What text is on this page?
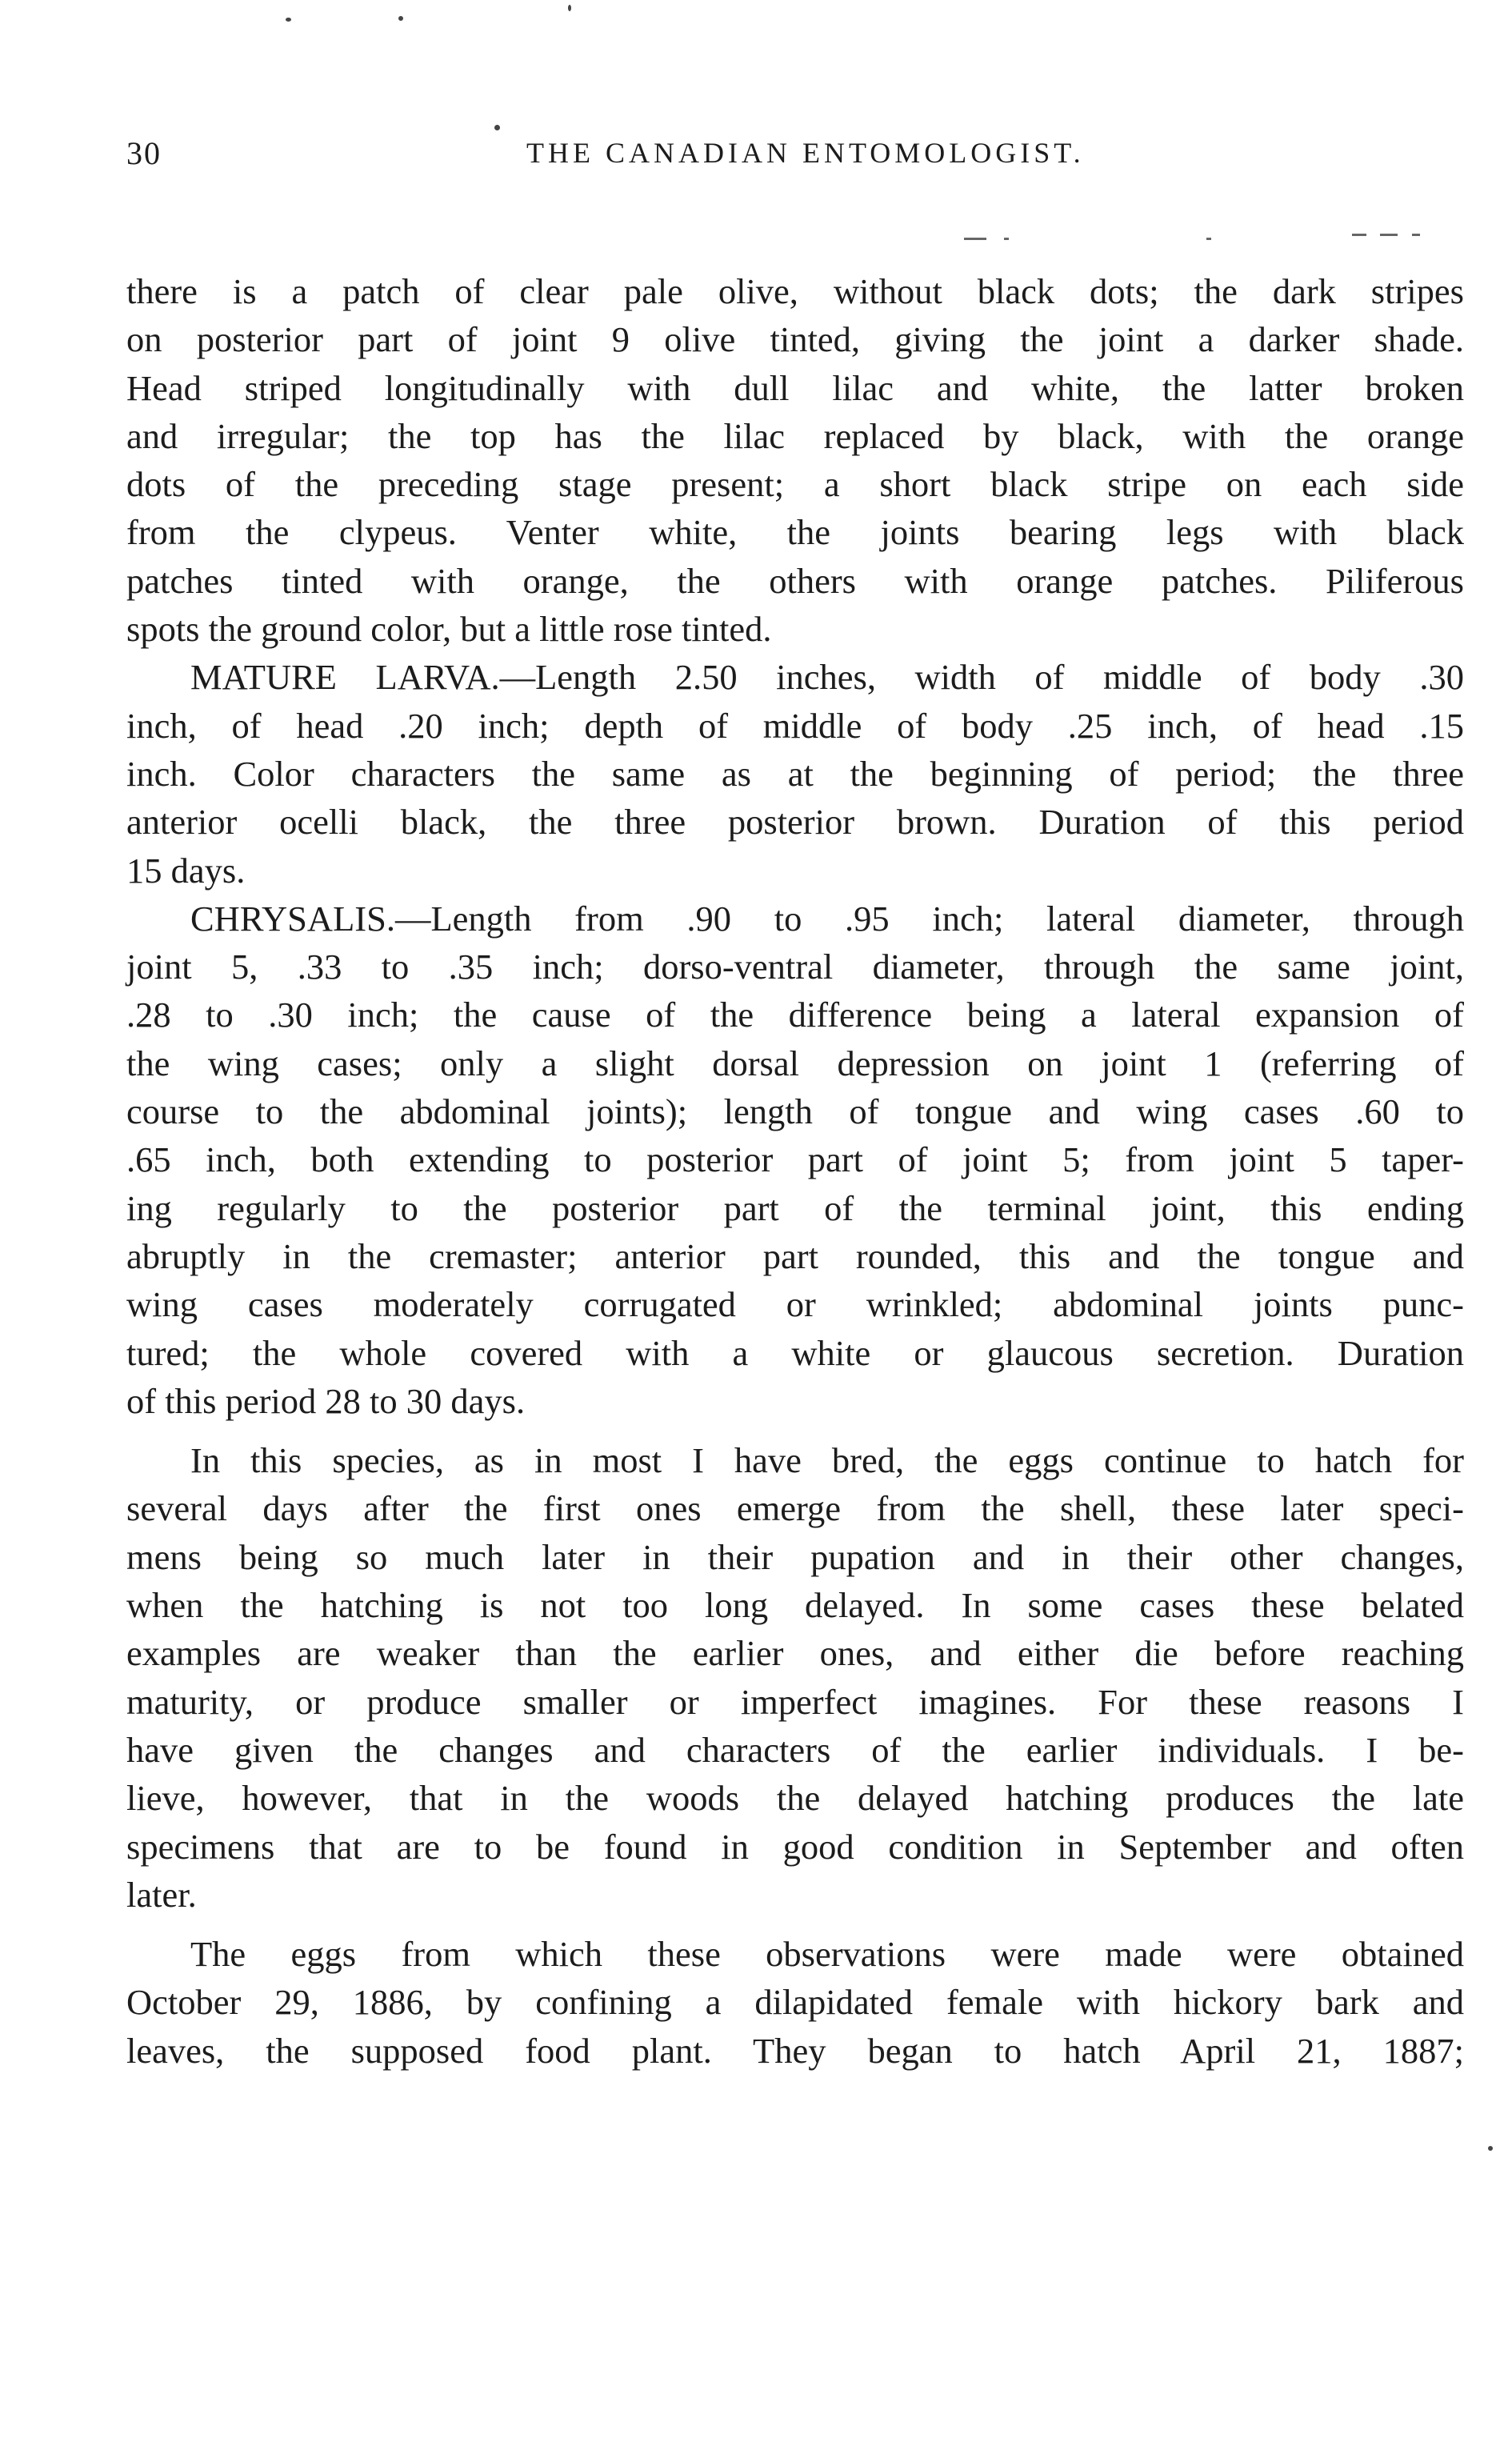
30	THE CANADIAN ENTOMOLOGIST.
there is a patch of clear pale olive, without black dots; the dark stripes
on posterior part of joint 9 olive tinted, giving the joint a darker shade.
Head striped longitudinally with dull lilac and white, the latter broken
and irregular; the top has the lilac replaced by black, with the orange
dots of the preceding stage present; a short black stripe on each side
from the clypeus. Venter white, the joints bearing legs with black
patches tinted with orange, the others with orange patches. Piliferous
spots the ground color, but a little rose tinted.
MATURE LARVA.—Length 2.50 inches, width of middle of body .30
inch, of head .20 inch; depth of middle of body .25 inch, of head .15
inch. Color characters the same as at the beginning of period; the three
anterior ocelli black, the three posterior brown. Duration of this period
15 days.
CHRYSALIS.—Length from .90 to .95 inch; lateral diameter, through
joint 5, .33 to .35 inch; dorso-ventral diameter, through the same joint,
.28 to .30 inch; the cause of the difference being a lateral expansion of
the wing cases; only a slight dorsal depression on joint 1 (referring of
course to the abdominal joints); length of tongue and wing cases .60 to
.65 inch, both extending to posterior part of joint 5; from joint 5 taper-
ing regularly to the posterior part of the terminal joint, this ending
abruptly in the cremaster; anterior part rounded, this and the tongue and
wing cases moderately corrugated or wrinkled; abdominal joints punc-
tured; the whole covered with a white or glaucous secretion. Duration
of this period 28 to 30 days.
In this species, as in most I have bred, the eggs continue to hatch for
several days after the first ones emerge from the shell, these later speci-
mens being so much later in their pupation and in their other changes,
when the hatching is not too long delayed. In some cases these belated
examples are weaker than the earlier ones, and either die before reaching
maturity, or produce smaller or imperfect imagines. For these reasons I
have given the changes and characters of the earlier individuals. I be-
lieve, however, that in the woods the delayed hatching produces the late
specimens that are to be found in good condition in September and often
later.
The eggs from which these observations were made were obtained
October 29, 1886, by confining a dilapidated female with hickory bark and
leaves, the supposed food plant. They began to hatch April 21, 1887;
